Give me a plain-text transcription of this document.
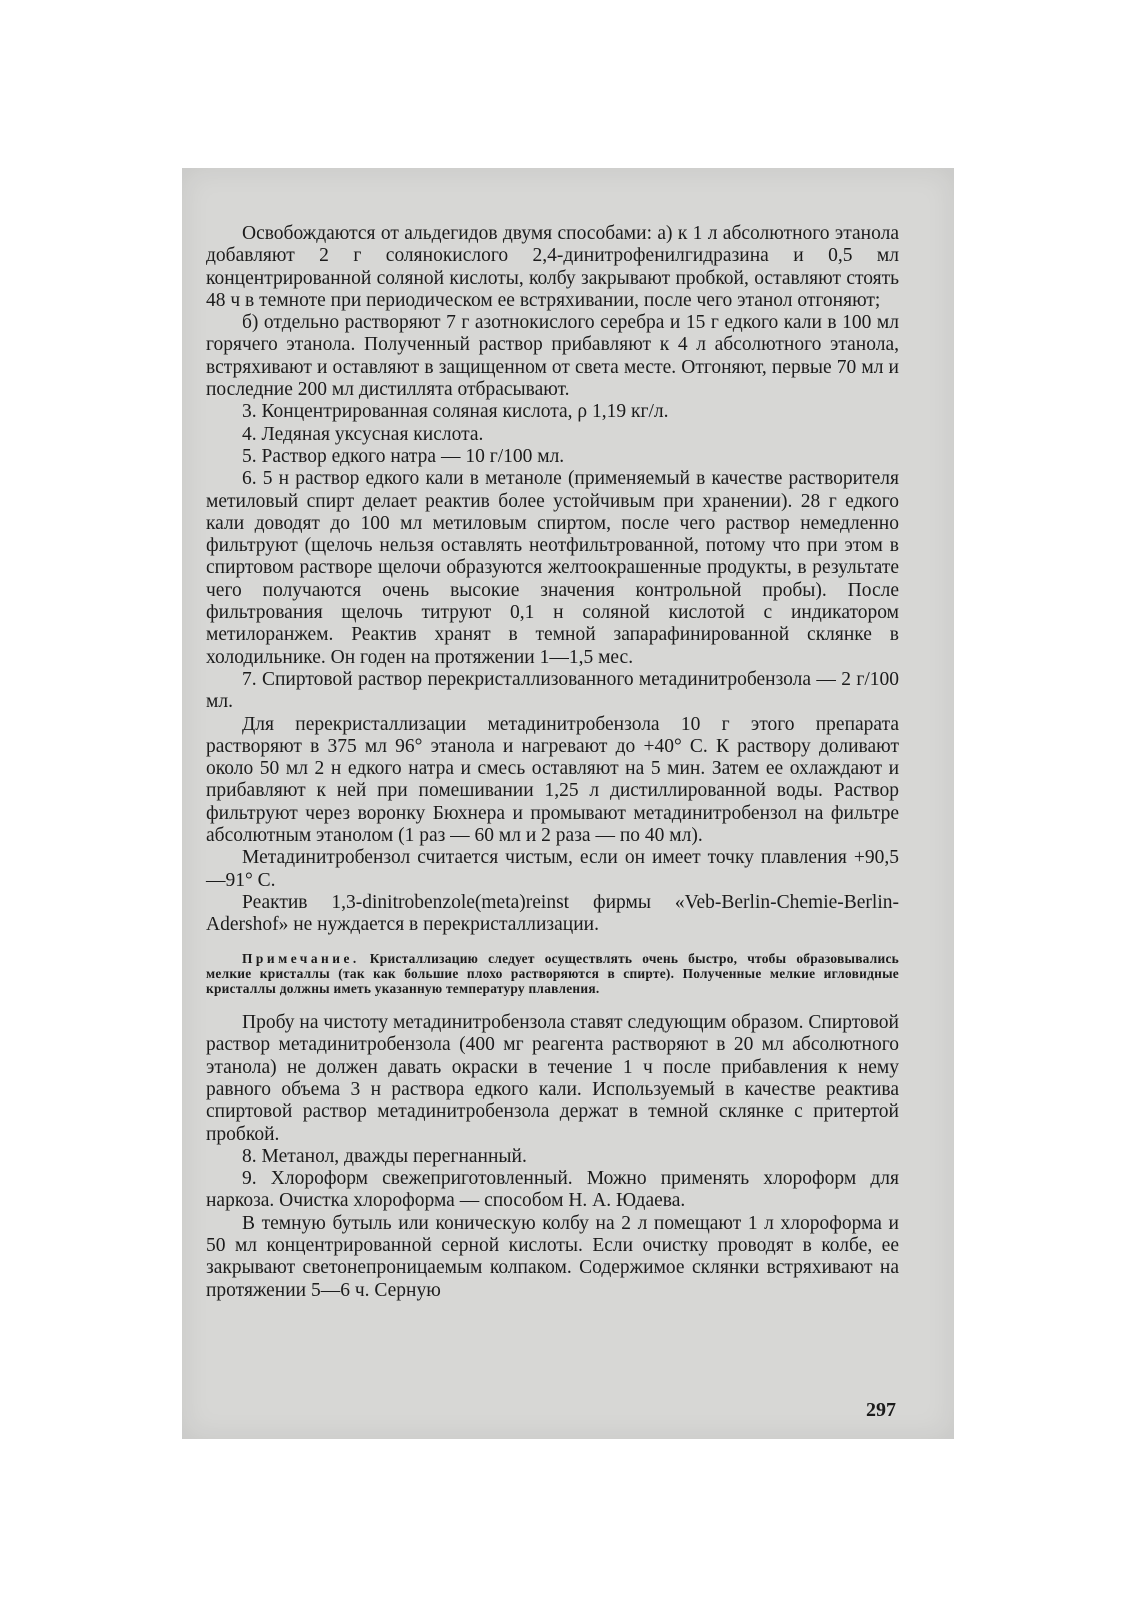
Освобождаются от альдегидов двумя способами: а) к 1 л абсолютного этанола добавляют 2 г солянокислого 2,4-динитрофенилгидразина и 0,5 мл концентрированной соляной кислоты, колбу закрывают пробкой, оставляют стоять 48 ч в темноте при периодическом ее встряхивании, после чего этанол отгоняют;

б) отдельно растворяют 7 г азотнокислого серебра и 15 г едкого кали в 100 мл горячего этанола. Полученный раствор прибавляют к 4 л абсолютного этанола, встряхивают и оставляют в защищенном от света месте. Отгоняют, первые 70 мл и последние 200 мл дистиллята отбрасывают.

3. Концентрированная соляная кислота, ρ 1,19 кг/л.

4. Ледяная уксусная кислота.

5. Раствор едкого натра — 10 г/100 мл.

6. 5 н раствор едкого кали в метаноле (применяемый в качестве растворителя метиловый спирт делает реактив более устойчивым при хранении). 28 г едкого кали доводят до 100 мл метиловым спиртом, после чего раствор немедленно фильтруют (щелочь нельзя оставлять неотфильтрованной, потому что при этом в спиртовом растворе щелочи образуются желтоокрашенные продукты, в результате чего получаются очень высокие значения контрольной пробы). После фильтрования щелочь титруют 0,1 н соляной кислотой с индикатором метилоранжем. Реактив хранят в темной запарафинированной склянке в холодильнике. Он годен на протяжении 1—1,5 мес.

7. Спиртовой раствор перекристаллизованного метадинитробензола — 2 г/100 мл.

Для перекристаллизации метадинитробензола 10 г этого препарата растворяют в 375 мл 96° этанола и нагревают до +40° С. К раствору доливают около 50 мл 2 н едкого натра и смесь оставляют на 5 мин. Затем ее охлаждают и прибавляют к ней при помешивании 1,25 л дистиллированной воды. Раствор фильтруют через воронку Бюхнера и промывают метадинитробензол на фильтре абсолютным этанолом (1 раз — 60 мл и 2 раза — по 40 мл).

Метадинитробензол считается чистым, если он имеет точку плавления +90,5—91° С.

Реактив 1,3-dinitrobenzole(meta)reinst фирмы «Veb-Berlin-Chemie-Berlin-Adershof» не нуждается в перекристаллизации.

Примечание. Кристаллизацию следует осуществлять очень быстро, чтобы образовывались мелкие кристаллы (так как большие плохо растворяются в спирте). Полученные мелкие игловидные кристаллы должны иметь указанную температуру плавления.

Пробу на чистоту метадинитробензола ставят следующим образом. Спиртовой раствор метадинитробензола (400 мг реагента растворяют в 20 мл абсолютного этанола) не должен давать окраски в течение 1 ч после прибавления к нему равного объема 3 н раствора едкого кали. Используемый в качестве реактива спиртовой раствор метадинитробензола держат в темной склянке с притертой пробкой.

8. Метанол, дважды перегнанный.

9. Хлороформ свежеприготовленный. Можно применять хлороформ для наркоза. Очистка хлороформа — способом Н. А. Юдаева.

В темную бутыль или коническую колбу на 2 л помещают 1 л хлороформа и 50 мл концентрированной серной кислоты. Если очистку проводят в колбе, ее закрывают светонепроницаемым колпаком. Содержимое склянки встряхивают на протяжении 5—6 ч. Серную

297
